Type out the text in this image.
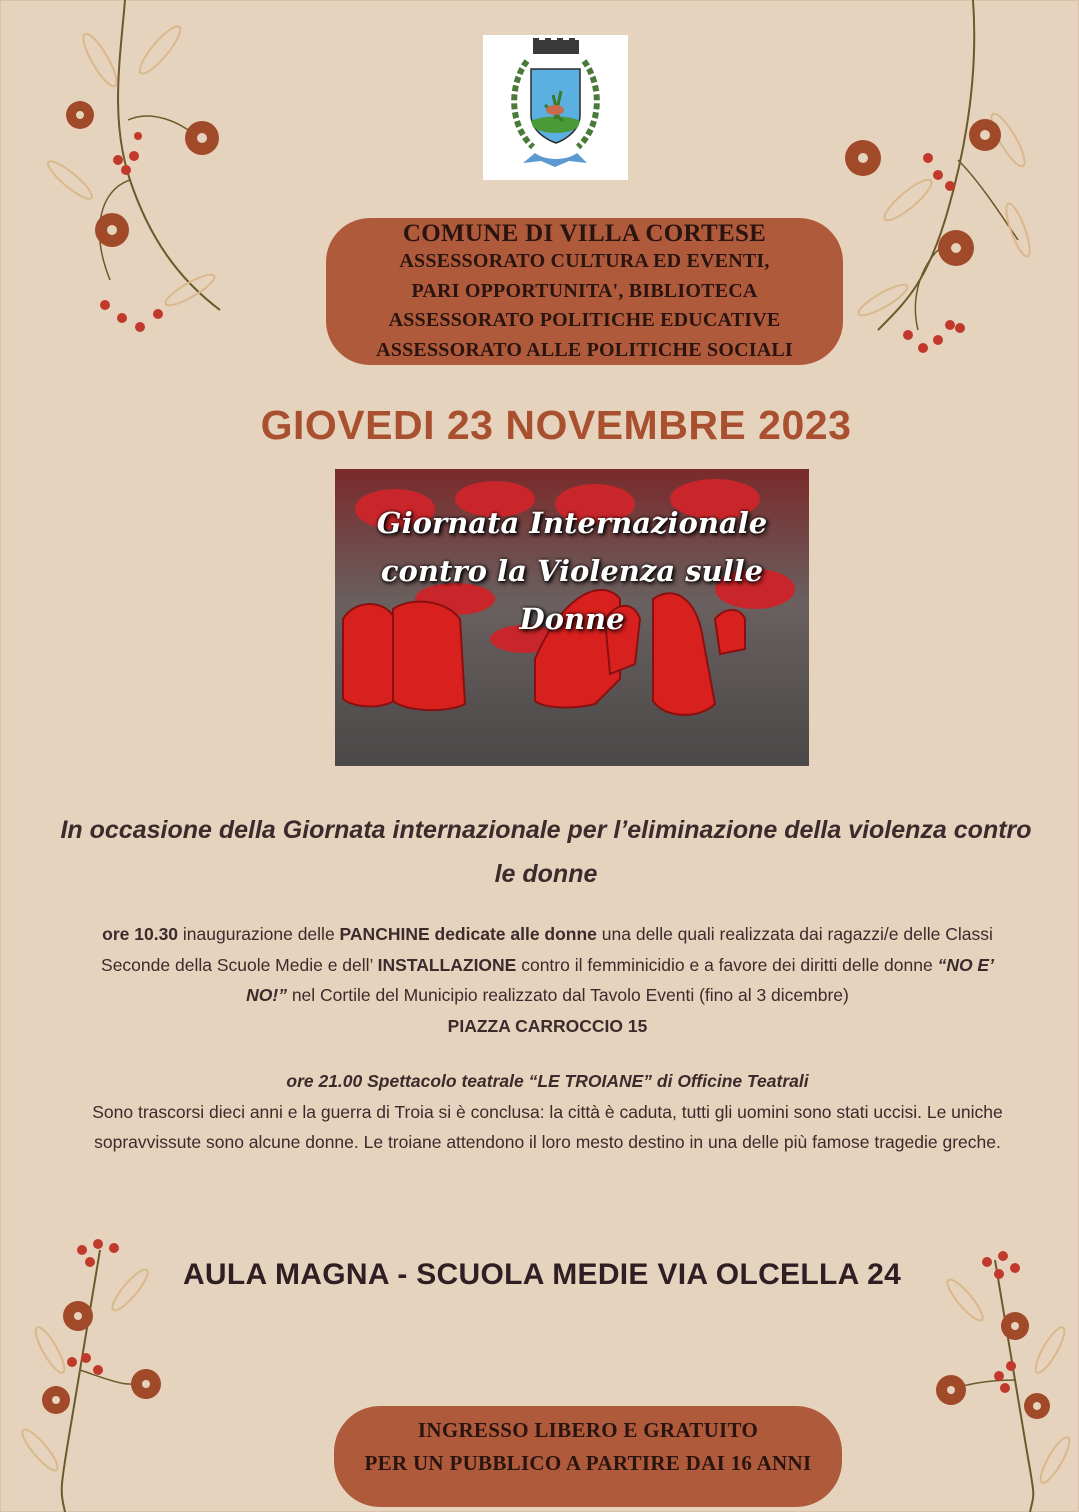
COMUNE DI VILLA CORTESE
ASSESSORATO CULTURA ED EVENTI,
PARI OPPORTUNITA', BIBLIOTECA
ASSESSORATO POLITICHE EDUCATIVE
ASSESSORATO ALLE POLITICHE SOCIALI
GIOVEDI 23 NOVEMBRE 2023
Giornata Internazionale
contro la Violenza sulle Donne
In occasione della Giornata internazionale per l’eliminazione della violenza contro le donne
ore 10.30 inaugurazione delle PANCHINE dedicate alle donne una delle quali realizzata dai ragazzi/e delle Classi Seconde della Scuole Medie e dell’ INSTALLAZIONE contro il femminicidio e a favore dei diritti delle donne “NO E’ NO!” nel Cortile del Municipio realizzato dal Tavolo Eventi (fino al 3 dicembre)
PIAZZA CARROCCIO 15
ore 21.00 Spettacolo teatrale “LE TROIANE” di Officine Teatrali
Sono trascorsi dieci anni e la guerra di Troia si è conclusa: la città è caduta, tutti gli uomini sono stati uccisi. Le uniche sopravvissute sono alcune donne. Le troiane attendono il loro mesto destino in una delle più famose tragedie greche.
AULA MAGNA - SCUOLA MEDIE VIA OLCELLA 24
INGRESSO LIBERO E GRATUITO
PER UN PUBBLICO A PARTIRE DAI 16 ANNI
